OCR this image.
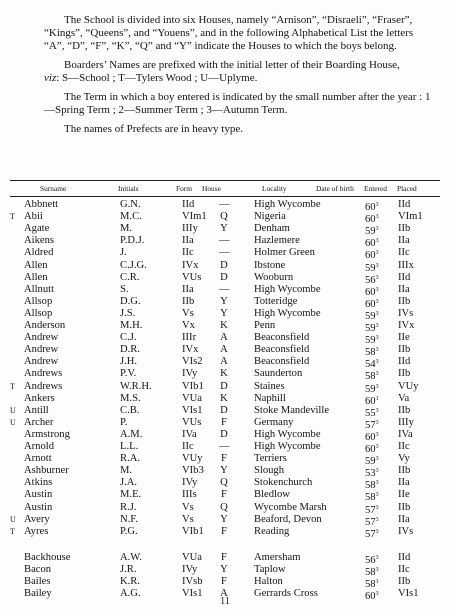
The School is divided into six Houses, namely “Arnison”, “Disraeli”, “Fraser”, “Kings”, “Queens”, and “Youens”, and in the following Alphabetical List the letters “A”, “D”, “F”, “K”, “Q” and “Y” indicate the Houses to which the boys belong.

Boarders’ Names are prefixed with the initial letter of their Boarding House,
viz: S—School ; T—Tylers Wood ; U—Uplyme.

The Term in which a boy entered is indicated by the small number after the year : 1—Spring Term ; 2—Summer Term ; 3—Autumn Term.

The names of Prefects are in heavy type.

Surname	Initials	Form House	Locality	Date of birth Entered Placed
Abbnett	G.N.	IId — High Wycombe	$60^3$ IId
T Abii	M.C.	VIm1 Q Nigeria	$60^3$ VIm1
Agate	M.	IIIy Y Denham	$59^3$ IIb
Aikens	P.D.J.	IIa — Hazlemere	$60^3$ IIa
Aldred	J.	IIc — Holmer Green	$60^3$ IIc
Allen	C.J.G.	IVx D Ibstone	$59^3$ IIIx
Allen	C.R.	VUs D Wooburn	$56^3$ IId
Allnutt	S.	IIa — High Wycombe	$60^3$ IIa
Allsop	D.G.	IIb Y Totteridge	$60^3$ IIb
Allsop	J.S.	Vs Y High Wycombe	$59^3$ IVs
Anderson	M.H.	Vx K Penn	$59^3$ IVx
Andrew	C.J.	IIIr A Beaconsfield	$59^3$ IIe
Andrew	D.R.	IVx A Beaconsfield	$58^3$ IIb
Andrew	J.H.	VIs2 A Beaconsfield	$54^3$ IId
Andrews	P.V.	IVy K Saunderton	$58^3$ IIb
T Andrews	W.R.H.	VIb1 D Staines	$59^3$ VUy
Ankers	M.S.	VUa K Naphill	$60^1$ Va
U Antill	C.B.	VIs1 D Stoke Mandeville	$55^3$ IIb
U Archer	P.	VUs F	Germany	$57^3$ IIIy
Armstrong	A.M.	IVa D High Wycombe	$60^3$ IVa
Arnold	L.L.	IIc — High Wycombe	$60^3$ IIc
Arnott	R.A.	VUy F	Terriers	$59^3$ Vy
Ashburner	M.	VIb3 Y Slough	$53^3$ IIb
Atkins	J.A.	IVy Q Stokenchurch	$58^3$ IIa
Austin	M.E.	IIIs F	Bledlow	$58^3$ IIe
Austin	R.J.	Vs Q Wycombe Marsh	$57^3$ IIb
U Avery	N.F.	Vs Y Beaford, Devon	$57^3$ IIa
T Ayres	P.G.	VIb1 F	Reading	$57^3$ IVs
Backhouse	A.W.	VUa F	Amersham	$56^3$ IId
Bacon	J.R.	IVy Y Taplow	$58^3$ IIc
Bailes	K.R.	IVsb F	Halton	$58^1$ IIb
Bailey	A.G.	VIs1 A Gerrards Cross	$60^3$ VIs1
11
